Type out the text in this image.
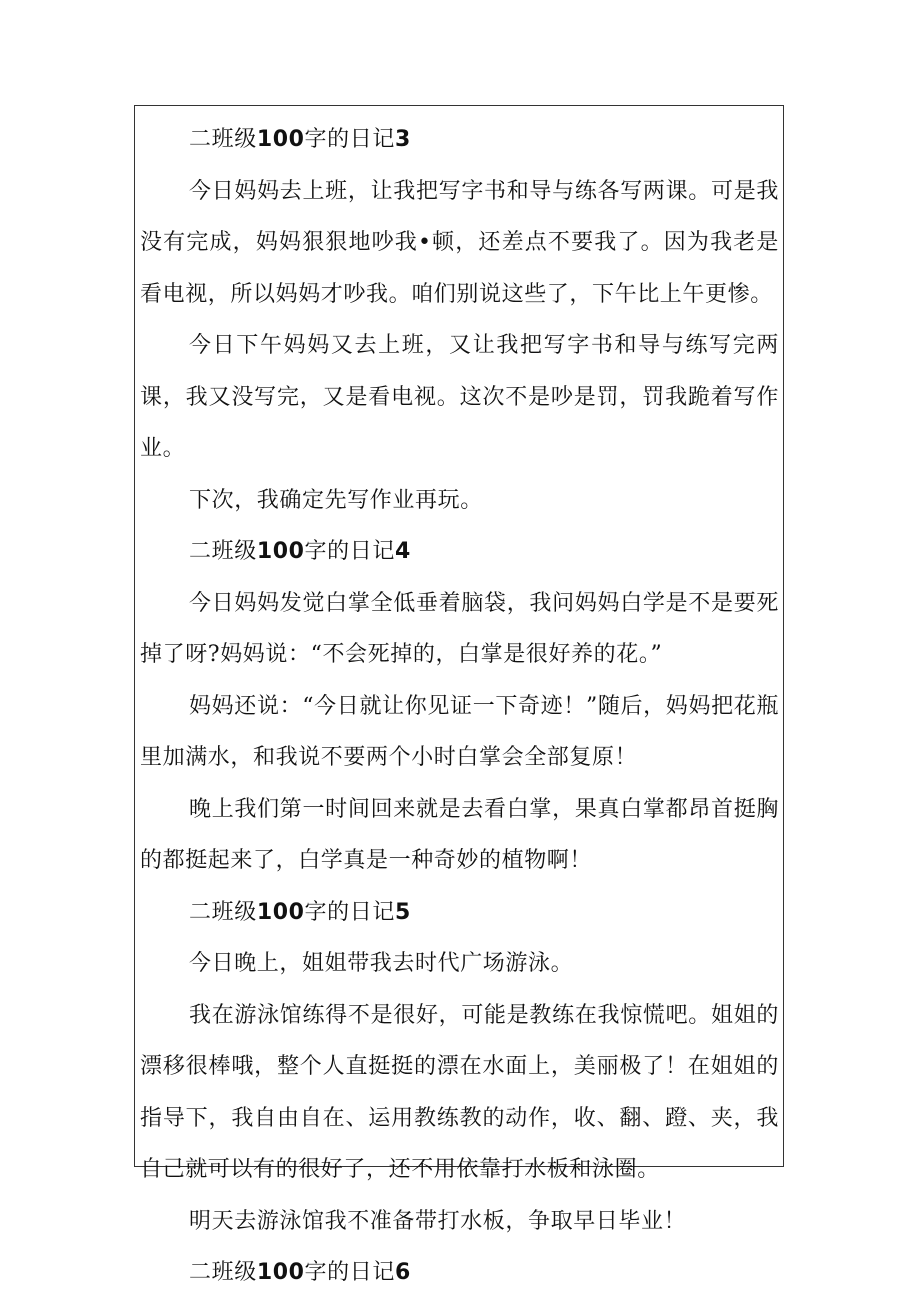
二班级100字的日记3

今日妈妈去上班，让我把写字书和导与练各写两课。可是我没有完成，妈妈狠狠地吵我•顿，还差点不要我了。因为我老是看电视，所以妈妈才吵我。咱们别说这些了，下午比上午更惨。

今日下午妈妈又去上班，又让我把写字书和导与练写完两课，我又没写完，又是看电视。这次不是吵是罚，罚我跪着写作业。

下次，我确定先写作业再玩。

二班级100字的日记4

今日妈妈发觉白掌全低垂着脑袋，我问妈妈白学是不是要死掉了呀?妈妈说：“不会死掉的，白掌是很好养的花。”

妈妈还说：“今日就让你见证一下奇迹！”随后，妈妈把花瓶里加满水，和我说不要两个小时白掌会全部复原！

晚上我们第一时间回来就是去看白掌，果真白掌都昂首挺胸的都挺起来了，白学真是一种奇妙的植物啊！

二班级100字的日记5

今日晚上，姐姐带我去时代广场游泳。

我在游泳馆练得不是很好，可能是教练在我惊慌吧。姐姐的漂移很棒哦，整个人直挺挺的漂在水面上，美丽极了！在姐姐的指导下，我自由自在、运用教练教的动作，收、翻、蹬、夹，我自己就可以有的很好了，还不用依靠打水板和泳圈。

明天去游泳馆我不准备带打水板，争取早日毕业！

二班级100字的日记6
